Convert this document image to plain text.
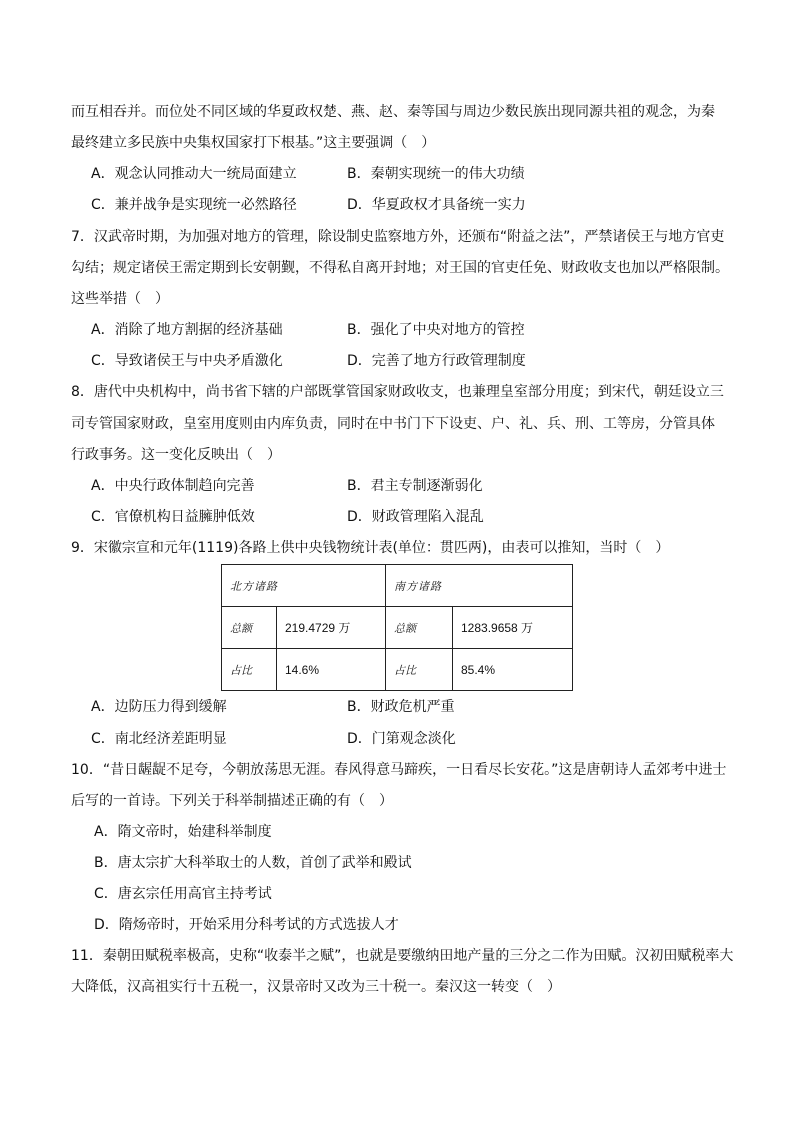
而互相吞并。而位处不同区域的华夏政权楚、燕、赵、秦等国与周边少数民族出现同源共祖的观念，为秦
最终建立多民族中央集权国家打下根基。”这主要强调（　）
A．观念认同推动大一统局面建立	B．秦朝实现统一的伟大功绩
C．兼并战争是实现统一必然路径	D．华夏政权才具备统一实力
7．汉武帝时期，为加强对地方的管理，除设制史监察地方外，还颁布“附益之法”，严禁诸侯王与地方官吏
勾结；规定诸侯王需定期到长安朝觐，不得私自离开封地；对王国的官吏任免、财政收支也加以严格限制。
这些举措（　）
A．消除了地方割据的经济基础	B．强化了中央对地方的管控
C．导致诸侯王与中央矛盾激化	D．完善了地方行政管理制度
8．唐代中央机构中，尚书省下辖的户部既掌管国家财政收支，也兼理皇室部分用度；到宋代，朝廷设立三
司专管国家财政，皇室用度则由内库负责，同时在中书门下下设吏、户、礼、兵、刑、工等房，分管具体
行政事务。这一变化反映出（　）
A．中央行政体制趋向完善	B．君主专制逐渐弱化
C．官僚机构日益臃肿低效	D．财政管理陷入混乱
9．宋徽宗宣和元年(1119)各路上供中央钱物统计表(单位：贯匹两)，由表可以推知，当时（　）
北方诸路		南方诸路	
总额	219.4729 万	总额	1283.9658 万
占比	14.6%	占比	85.4%
A．边防压力得到缓解	B．财政危机严重
C．南北经济差距明显	D．门第观念淡化
10．“昔日龌龊不足夸，今朝放荡思无涯。春风得意马蹄疾，一日看尽长安花。”这是唐朝诗人孟郊考中进士
后写的一首诗。下列关于科举制描述正确的有（　）
A．隋文帝时，始建科举制度
B．唐太宗扩大科举取士的人数，首创了武举和殿试
C．唐玄宗任用高官主持考试
D．隋炀帝时，开始采用分科考试的方式选拔人才
11．秦朝田赋税率极高，史称“收泰半之赋”，也就是要缴纳田地产量的三分之二作为田赋。汉初田赋税率大
大降低，汉高祖实行十五税一，汉景帝时又改为三十税一。秦汉这一转变（　）
